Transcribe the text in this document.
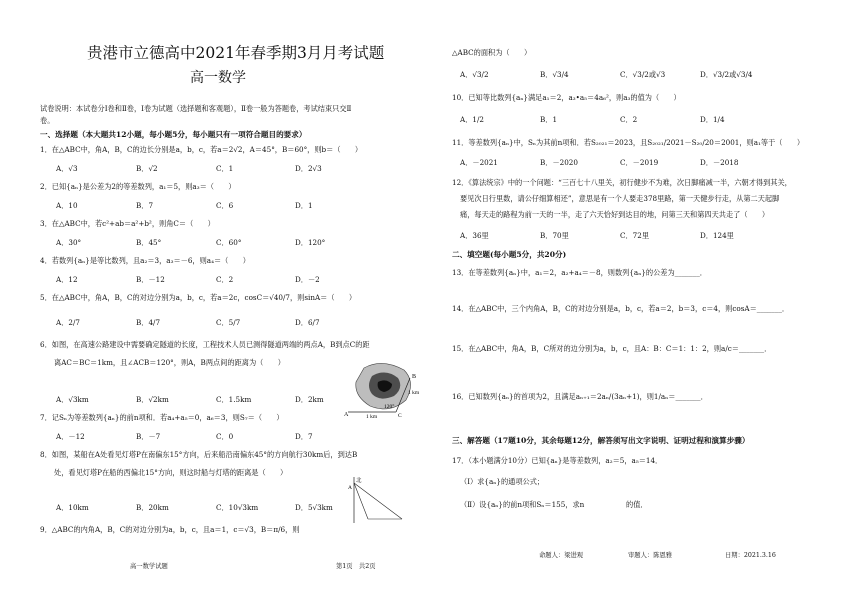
贵港市立德高中2021年春季期3月月考试题
高一数学
试卷说明：本试卷分Ⅰ卷和Ⅱ卷，Ⅰ卷为试题（选择题和客观题），Ⅱ卷一般为答题卷，考试结束只交Ⅱ
卷。
一、选择题（本大题共12小题，每小题5分，每小题只有一项符合题目的要求）
1．在△ABC中，角A，B，C的边长分别是a，b，c，若a＝2√2，A＝45°，B＝60°，则b＝（　　）
A．√3	B．√2	C．1	D．2√3
2．已知{aₙ}是公差为2的等差数列，a₁＝5，则a₃＝（　　）
A．10	B．7	C．6	D．1
3．在△ABC中，若c²+ab＝a²+b²，则角C＝（　　）
A．30°	B．45°	C．60°	D．120°
4．若数列{aₙ}是等比数列，且a₂＝3，a₃＝－6，则a₄＝（　　）
A．12	B．－12	C．2	D．－2
5．在△ABC中，角A，B，C的对边分别为a，b，c，若a＝2c，cosC＝√40/7，则sinA＝（　　）
A．2/7	B．4/7	C．5/7	D．6/7
6．如图，在高速公路建设中需要确定隧道的长度，工程技术人员已测得隧道两端的两点A，B到点C的距
离AC＝BC＝1km，且∠ACB＝120°，则A，B两点间的距离为（　　）
A．√3km	B．√2km	C．1.5km	D．2km
A	C
B
1 km
120°
1 km
7．记Sₙ为等差数列{aₙ}的前n项和．若a₄+a₅＝0，a₆＝3，则S₇＝（　　）
A．－12	B．－7	C．0	D．7
8．如图，某船在A处看见灯塔P在南偏东15°方向，后来船沿南偏东45°的方向航行30km后，到达B
处，看见灯塔P在船的西偏北15°方向，则这时船与灯塔的距离是（　　）
A．10km	B．20km	C．10√3km	D．5√3km
北
A
9．△ABC的内角A，B，C的对边分别为a，b，c，且a＝1，c＝√3，B＝π/6，则
高一数学试题	第1页　共2页
△ABC的面积为（　　）
A．√3/2	B．√3/4	C．√3/2或√3	D．√3/2或√3/4
10．已知等比数列{aₙ}满足a₁＝2，a₃•a₅＝4a₆²，则a₃的值为（　　）
A．1/2	B．1	C．2	D．1/4
11．等差数列{aₙ}中，Sₙ为其前n项和．若S₂₀₂₁＝2023，且S₂₀₂₁/2021－S₂₀/20＝2001，则a₁等于（　　）
A．－2021	B．－2020	C．－2019	D．－2018
12．《算法统宗》中的一个问题：“三百七十八里关，初行健步不为难，次日脚痛减一半，六朝才得到其关，
要见次日行里数，请公仔细算相还”，意思是有一个人要走378里路，第一天健步行走，从第二天起脚
痛，每天走的路程为前一天的一半，走了六天恰好到达目的地，问第三天和第四天共走了（　　）
A．36里	B．70里	C．72里	D．124里
二、填空题(每小题5分，共20分)
13．在等差数列{aₙ}中，a₁＝2，a₂+a₄＝－8，则数列{aₙ}的公差为_______．
14．在△ABC中，三个内角A，B，C的对边分别是a，b，c，若a＝2，b＝3，c＝4，则cosA＝_______．
15．在△ABC中，角A，B，C所对的边分别为a，b，c，且A：B：C＝1：1：2，则a/c＝_______．
16．已知数列{aₙ}的首项为2，且满足aₙ₊₁＝2aₙ/(3aₙ+1)，则1/aₙ＝_______．
三、解答题（17题10分，其余每题12分，解答须写出文字说明、证明过程和演算步骤）
17．（本小题满分10分）已知{aₙ}是等差数列，a₂＝5，a₅＝14．
（Ⅰ）求{aₙ}的通项公式；
（Ⅱ）设{aₙ}的前n项和Sₙ＝155，求n	的值．
命题人：梁进观	审题人：陈恩雅	日期：2021.3.16
